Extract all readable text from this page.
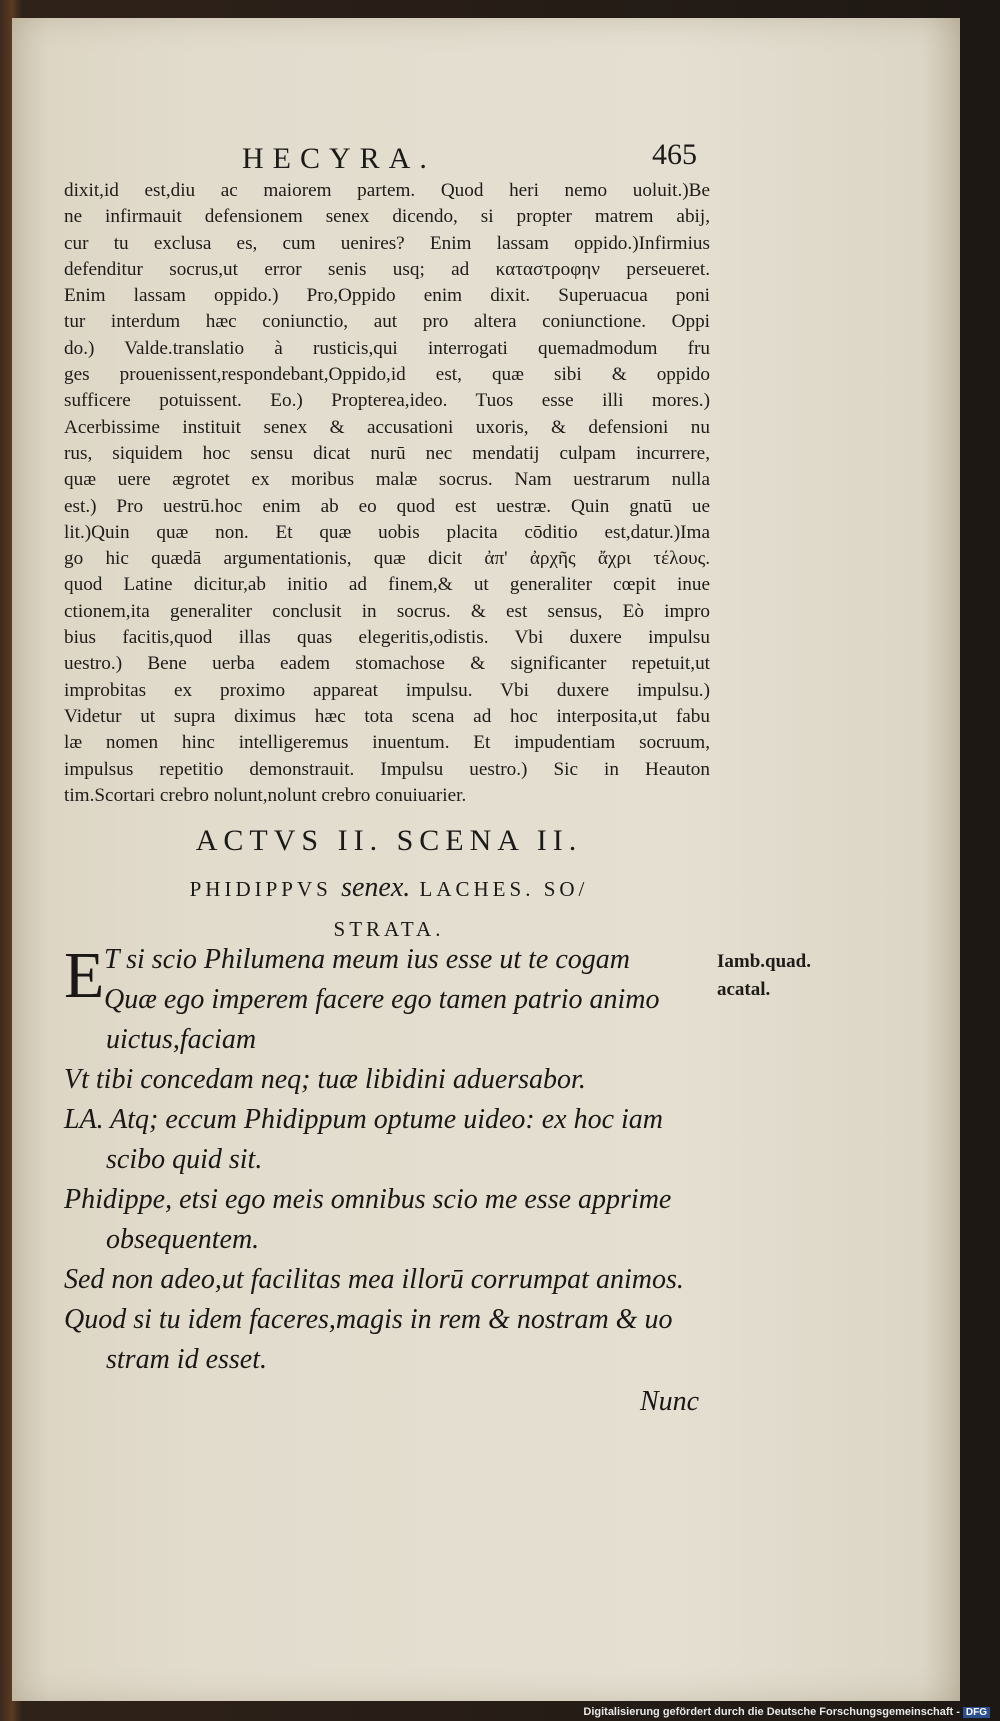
HECYRA.	465
dixit,id est,diu ac maiorem partem. Quod heri nemo uoluit.)Be
ne infirmauit defensionem senex dicendo, si propter matrem abij,
cur tu exclusa es, cum uenires? Enim lassam oppido.)Infirmius
defenditur socrus,ut error senis usq; ad καταστροφην perseueret.
Enim lassam oppido.) Pro,Oppido enim dixit. Superuacua poni
tur interdum hæc coniunctio, aut pro altera coniunctione. Oppi
do.) Valde.translatio à rusticis,qui interrogati quemadmodum fru
ges prouenissent,respondebant,Oppido,id est, quæ sibi & oppido
sufficere potuissent. Eo.) Propterea,ideo. Tuos esse illi mores.)
Acerbissime instituit senex & accusationi uxoris, & defensioni nu
rus, siquidem hoc sensu dicat nurū nec mendatij culpam incurrere,
quæ uere ægrotet ex moribus malæ socrus. Nam uestrarum nulla
est.) Pro uestrū.hoc enim ab eo quod est uestræ. Quin gnatū ue
lit.)Quin quæ non. Et quæ uobis placita cōditio est,datur.)Ima
go hic quædā argumentationis, quæ dicit ἀπ' ἀρχῆς ἄχρι τέλους.
quod Latine dicitur,ab initio ad finem,& ut generaliter cœpit inue
ctionem,ita generaliter conclusit in socrus. & est sensus, Eò impro
bius facitis,quod illas quas elegeritis,odistis. Vbi duxere impulsu
uestro.) Bene uerba eadem stomachose & significanter repetuit,ut
improbitas ex proximo appareat impulsu. Vbi duxere impulsu.)
Videtur ut supra diximus hæc tota scena ad hoc interposita,ut fabu
læ nomen hinc intelligeremus inuentum. Et impudentiam socruum,
impulsus repetitio demonstrauit. Impulsu uestro.) Sic in Heauton
tim.Scortari crebro nolunt,nolunt crebro conuiuarier.
ACTVS II. SCENA II.
PHIDIPPVS senex. LACHES. SO/
STRATA.
E T si scio Philumena meum ius esse ut te cogam
Quæ ego imperem facere ego tamen patrio animo
uictus,faciam
Vt tibi concedam neq; tuæ libidini aduersabor.
LA. Atq; eccum Phidippum optume uideo: ex hoc iam
scibo quid sit.
Phidippe, etsi ego meis omnibus scio me esse apprime
obsequentem.
Sed non adeo,ut facilitas mea illorū corrumpat animos.
Quod si tu idem faceres,magis in rem & nostram & uo
stram id esset.
Iamb.quad. acatal.
Nunc
Digitalisierung gefördert durch die Deutsche Forschungsgemeinschaft - DFG
